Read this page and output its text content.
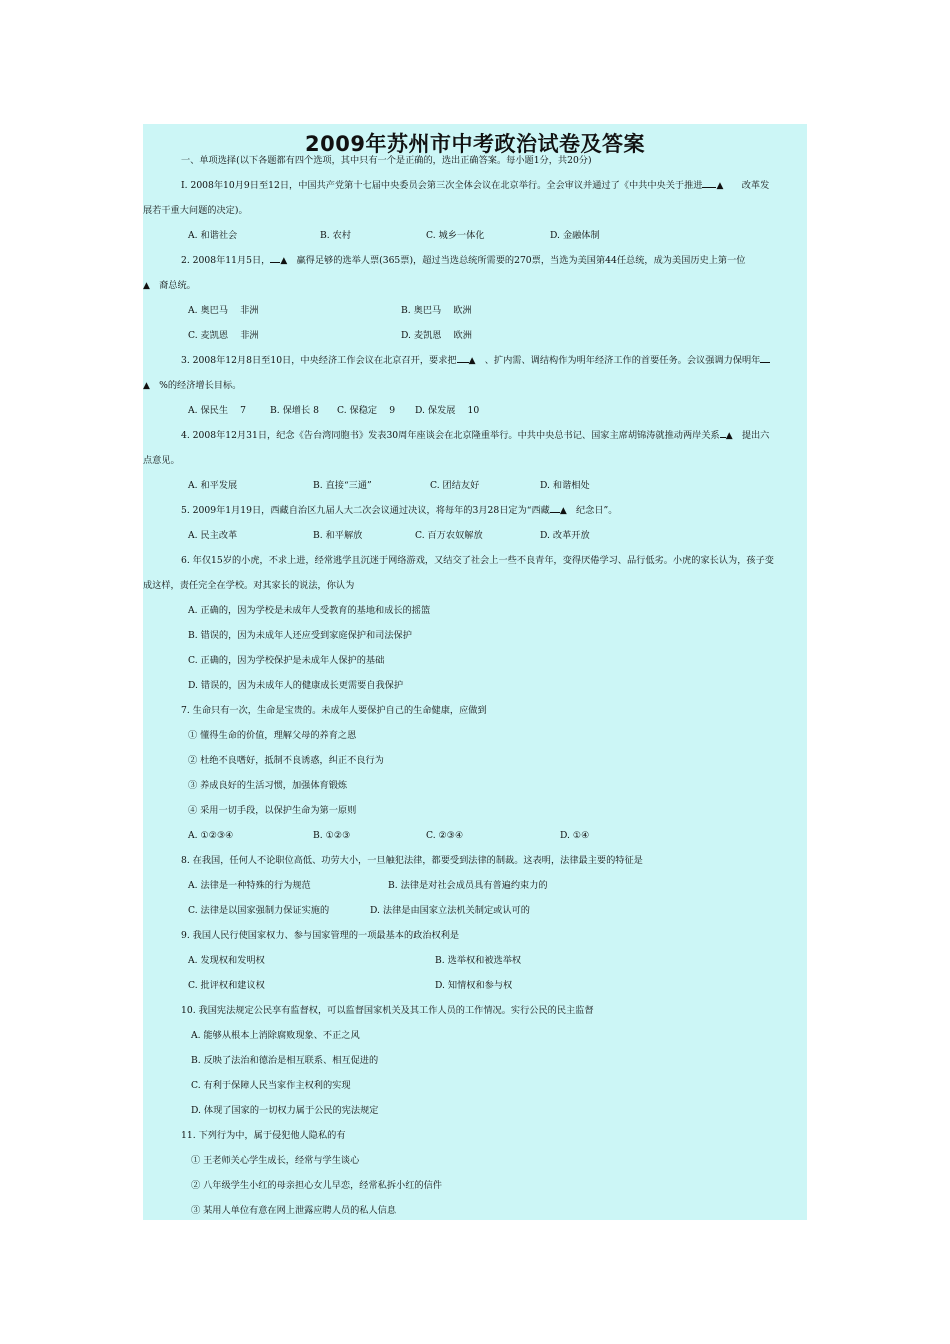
2009年苏州市中考政治试卷及答案
一、单项选择(以下各题都有四个选项，其中只有一个是正确的，选出正确答案。每小题1分，共20分)
I. 2008年10月9日至12日，中国共产党第十七届中央委员会第三次全体会议在北京举行。全会审议并通过了《中共中央关于推进 ▲　　 改革发
展若干重大问题的决定)。
A. 和谐社会	B. 农村	C. 城乡一体化	D. 金融体制
2. 2008年11月5日， ▲　 赢得足够的选举人票(365票)，超过当选总统所需要的270票，当选为美国第44任总统，成为美国历史上第一位
▲　 裔总统。
A. 奥巴马　 非洲	B. 奥巴马　 欧洲
C. 麦凯恩　 非洲	D. 麦凯恩　 欧洲
3. 2008年12月8日至10日，中央经济工作会议在北京召开，要求把 ▲　 、扩内需、调结构作为明年经济工作的首要任务。会议强调力保明年
▲　 %的经济增长目标。
A. 保民生　 7	B. 保增长 8 C. 保稳定　 9 D. 保发展　 10
4. 2008年12月31日，纪念《告台湾同胞书》发表30周年座谈会在北京隆重举行。中共中央总书记、国家主席胡锦涛就推动两岸关系 ▲　 提出六
点意见。
A. 和平发展	B. 直接“三通”	C. 团结友好	D. 和谐相处
5. 2009年1月19日，西藏自治区九届人大二次会议通过决议，将每年的3月28日定为“西藏 ▲　 纪念日”。
A. 民主改革	B. 和平解放	C. 百万农奴解放	D. 改革开放
6. 年仅15岁的小虎，不求上进，经常逃学且沉迷于网络游戏，又结交了社会上一些不良青年，变得厌倦学习、品行低劣。小虎的家长认为，孩子变
成这样，责任完全在学校。对其家长的说法，你认为
A. 正确的，因为学校是未成年人受教育的基地和成长的摇篮
B. 错误的，因为未成年人还应受到家庭保护和司法保护
C. 正确的，因为学校保护是未成年人保护的基础
D. 错误的，因为未成年人的健康成长更需要自我保护
7. 生命只有一次，生命是宝贵的。未成年人要保护自己的生命健康，应做到
① 懂得生命的价值，理解父母的养育之恩
② 杜绝不良嗜好，抵制不良诱惑，纠正不良行为
③ 养成良好的生活习惯，加强体育锻炼
④ 采用一切手段，以保护生命为第一原则
A. ①②③④	B. ①②③	C. ②③④	D. ①④
8. 在我国，任何人不论职位高低、功劳大小，一旦触犯法律，都要受到法律的制裁。这表明，法律最主要的特征是
A. 法律是一种特殊的行为规范	B. 法律是对社会成员具有普遍约束力的
C. 法律是以国家强制力保证实施的	D. 法律是由国家立法机关制定或认可的
9. 我国人民行使国家权力、参与国家管理的一项最基本的政治权利是
A. 发现权和发明权	B. 选举权和被选举权
C. 批评权和建议权	D. 知情权和参与权
10. 我国宪法规定公民享有监督权，可以监督国家机关及其工作人员的工作情况。实行公民的民主监督
A. 能够从根本上消除腐败现象、不正之风
B. 反映了法治和德治是相互联系、相互促进的
C. 有利于保障人民当家作主权利的实现
D. 体现了国家的一切权力属于公民的宪法规定
11. 下列行为中，属于侵犯他人隐私的有
① 王老师关心学生成长，经常与学生谈心
② 八年级学生小红的母亲担心女儿早恋，经常私拆小红的信件
③ 某用人单位有意在网上泄露应聘人员的私人信息
